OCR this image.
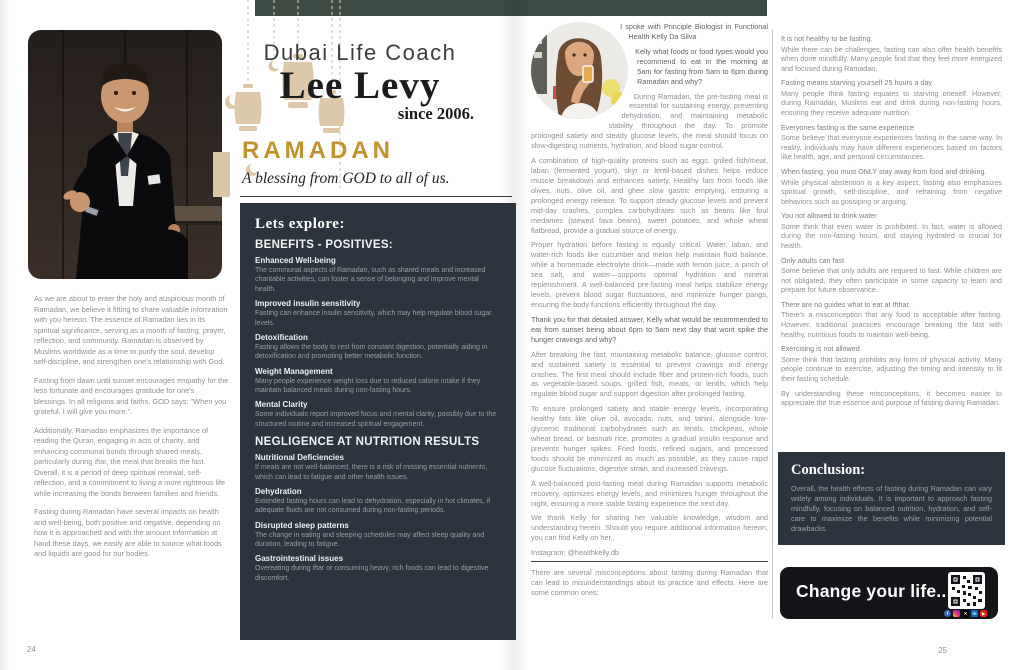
Dubai Life Coach
Lee Levy
since 2006.
RAMADAN
A blessing from GOD to all of us.

As we are about to enter the holy and auspicious month of Ramadan, we believe it fitting to share valuable infomration with you hereon. The essence of Ramadan lies in its spiritual significance, serving as a month of fasting, prayer, reflection, and community. Ramadan is observed by Muslims worldwide as a time to purify the soul, develop self-discipline, and strengthen one's relationship with God.

Fasting from dawn until sunset encourages empathy for the less fortunate and encourages gratitude for one's blessings. In all religions and faiths, GOD says: "When you grateful, I will give you more.".

Additionally, Ramadan emphasizes the importance of reading the Quran, engaging in acts of charity, and enhancing communal bonds through shared meals, particularly during iftar, the meal that breaks the fast. Overall, it is a period of deep spiritual renewal, self-reflection, and a commitment to living a more righteous life while increasing the bonds berween families and friends.

Fasting during Ramadan have several impacts on health and well-being, both positive and negative, depending on how it is approached and with the amount information at hand these days, we easily are able to source what foods and liquids are good for our bodies.

Lets explore:
BENEFITS - POSITIVES:
Enhanced Well-being
The communal aspects of Ramadan, such as shared meals and increased charitable activities, can foster a sense of belonging and improve mental health.
Improved insulin sensitivity
Fasting can enhance insulin sensitivity, which may help regulate blood sugar levels.
Detoxification
Fasting allows the body to rest from constant digestion, potentially aiding in detoxification and promoting better metabolic function.
Weight Management
Many people experience weight loss due to reduced calorie intake if they maintain balanced meals during non-fasting hours.
Mental Clarity
Some individuals report improved focus and mental clarity, possibly due to the structured routine and increased spiritual engagement.
NEGLIGENCE AT NUTRITION RESULTS
Nutritional Deficiencies
If meals are not well-balanced, there is a risk of missing essential nutrients, which can lead to fatigue and other health issues.
Dehydration
Extended fasting hours can lead to dehydration, especially in hot climates, if adequate fluids are not consumed during non-fasting periods.
Disrupted sleep patterns
The change in eating and sleeping schedules may affect sleep quality and duration, leading to fatigue.
Gastrointestinal issues
Overeating during iftar or consuming heavy, rich foods can lead to digestive discomfort.

I spoke with Principle Biologist in Functional Health Kelly Da Silva

Kelly what foods or food types would you recommend to eat in the morning at 5am for fasting from 5am to 6pm during Ramadan and why?

During Ramadan, the pre-fasting meal is essential for sustaining energy, preventing dehydration, and maintaining metabolic stability throughout the day. To promote prolonged satiety and steady glucose levels, the meal should focus on slow-digesting nutrients, hydration, and blood sugar control.

A combination of high-quality proteins such as eggs, grilled fish/meat, laban (fermented yogurt), skyr or lentil-based dishes helps reduce muscle breakdown and enhances satiety. Healthy fats from foods like olives, nuts, olive oil, and ghee slow gastric emptying, ensuring a prolonged energy release. To support steady glucose levels and prevent mid-day crashes, complex carbohydrates such as beans like foul medames (stewed fava beans), sweet potatoes, and whole wheat flatbread, provide a gradual source of energy.

Proper hydration before fasting is equally critical. Water, laban, and water-rich foods like cucumber and melon help maintain fluid balance, while a homemade electrolyte drink—made with lemon juice, a pinch of sea salt, and water—supports optimal hydration and mineral replenishment. A well-balanced pre-fasting meal helps stabilize energy levels, prevent blood sugar fluctuations, and minimize hunger pangs, ensuring the body functions efficiently throughout the day.

Thank you for that detailed answer, Kelly what would be recommended to eat from sunset being about 6pm to 5am next day that wont spike the hunger cravings and why?

After breaking the fast, maintaining metabolic balance, glucose control, and sustained satiety is essential to prevent cravings and energy crashes. The first meal should include fiber and protein-rich foods, such as vegetable-based soups, grilled fish, meats, or lentils, which help regulate blood sugar and support digestion after prolonged fasting.

To ensure prolonged satiety and stable energy levels, incorporating healthy fats like olive oil, avocado, nuts, and tahini, alongside low-glycemic traditional carbohydrates such as lentils, chickpeas, whole wheat bread, or basmati rice, promotes a gradual insulin response and prevents hunger spikes. Fried foods, refined sugars, and processed foods should be minimized as much as possible, as they cause rapid glucose fluctuations, digestive strain, and increased cravings.

A well-balanced post-fasting meal during Ramadan supports metabolic recovery, optimizes energy levels, and minimizes hunger throughout the night, ensuring a more stable fasting experience the next day.

We thank Kelly for sharing her valuable knowledge, wisdom and understanding herein. Should you require additional information hereon, you can find Kelly on her..

Instagram: @healthkelly.db

There are several misconceptions about fasting during Ramadan that can lead to misunderstandings about its practice and effects. Here are some common ones:

It is not healthy to be fasting.

While there can be challenges, fasting can also offer health benefits when done mindfully. Many people find that they feel more energized and focused during Ramadan.

Fasting means starving yourself 25 hours a day

Many people think fasting equates to starving oneself. However, during Ramadan, Muslims eat and drink during non-fasting hours, ensuring they receive adequate nutrition.

Everyones fasting is the same experience

Some believe that everyone experiences fasting in the same way. In reality, individuals may have different experiences based on factors like health, age, and personal circumstances.

When fasting, you must ONLY stay away from food and drinking.

While physical abstention is a key aspect, fasting also emphasizes spiritual growth, self-discipline, and refraining from negative behaviors such as gossiping or arguing.

You not allowed to drink water

Some think that even water is prohibited. In fact, water is allowed during the non-fasting hours, and staying hydrated is crucial for health.

Only adults can fast

Some believe that only adults are required to fast. While children are not obligated, they often participate in some capacity to learn and prepare for future observance.

There are no guides what to eat at Ifthar.

There's a misconception that any food is acceptable after fasting. However, traditional practices encourage breaking the fast with healthy, nutritious foods to maintain well-being.

Exercising is not allowed

Some think that fasting prohibits any form of physical activity. Many people continue to exercise, adjusting the timing and intensity to fit their fasting schedule.

By understanding these misconceptions, it becomes easier to appreciate the true essence and purpose of fasting during Ramadan.

Conclusion:
Overall, the health effects of fasting during Ramadan can vary widely among individuals. It is important to approach fasting mindfully, focusing on balanced nutrition, hydration, and self-care to maximize the benefits while minimizing potential drawbacks.
Change your life..
f	✕	in	▶
24	25
